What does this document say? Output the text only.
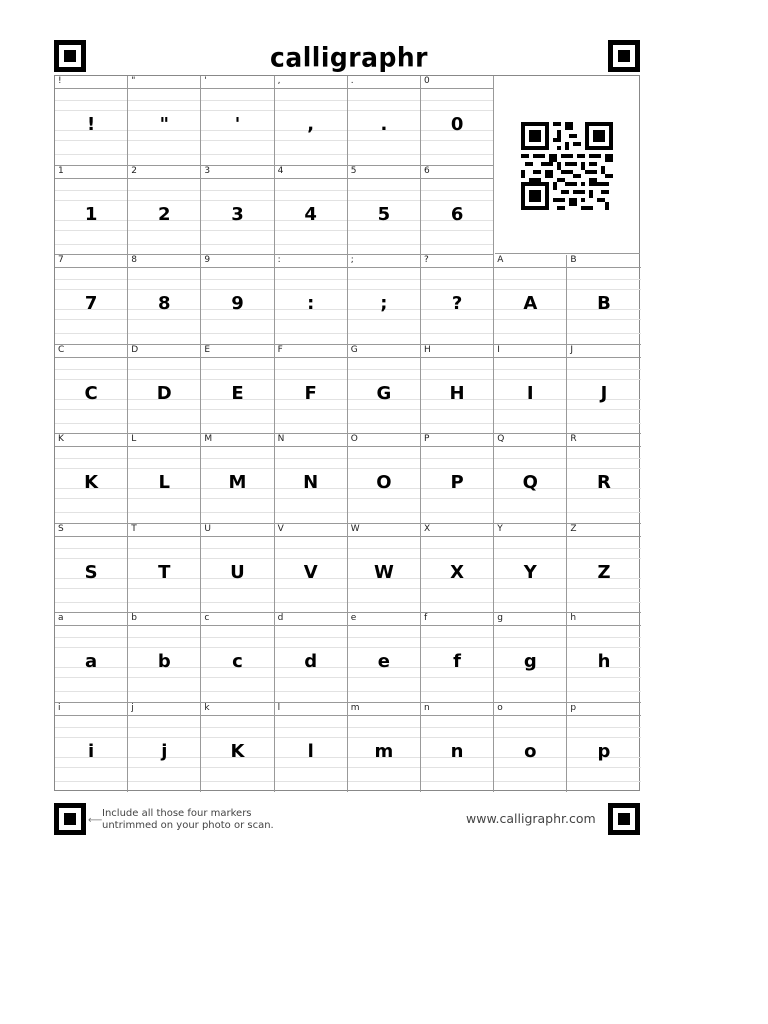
calligraphr
!
!
"
"
'
'
,
,
.
.
0
0
1
1
2
2
3
3
4
4
5
5
6
6
7
7
8
8
9
9
:
:
;
;
?
?
A
A
B
B
C
C
D
D
E
E
F
F
G
G
H
H
I
I
J
J
K
K
L
L
M
M
N
N
O
O
P
P
Q
Q
R
R
S
S
T
T
U
U
V
V
W
W
X
X
Y
Y
Z
Z
a
a
b
b
c
c
d
d
e
e
f
f
g
g
h
h
i
i
j
j
k
K
l
l
m
m
n
n
o
o
p
p
⟵
Include all those four markers
untrimmed on your photo or scan.	www.calligraphr.com
